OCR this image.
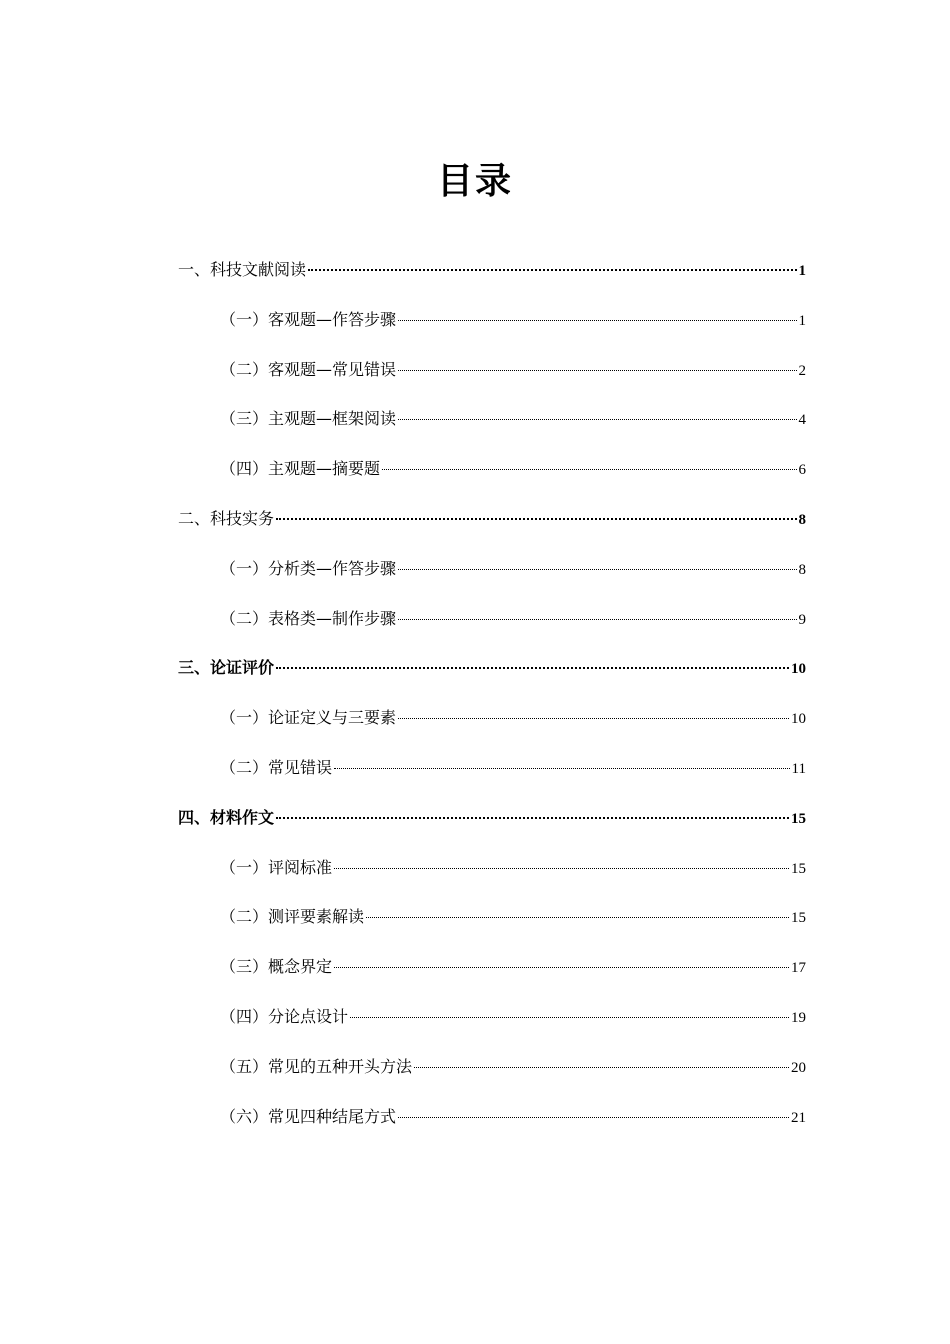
目录
一、科技文献阅读	1
（一）客观题—作答步骤	1
（二）客观题—常见错误	2
（三）主观题—框架阅读	4
（四）主观题—摘要题	6
二、科技实务	8
（一）分析类—作答步骤	8
（二）表格类—制作步骤	9
三、论证评价	10
（一）论证定义与三要素	10
（二）常见错误	11
四、材料作文	15
（一）评阅标准	15
（二）测评要素解读	15
（三）概念界定	17
（四）分论点设计	19
（五）常见的五种开头方法	20
（六）常见四种结尾方式	21
